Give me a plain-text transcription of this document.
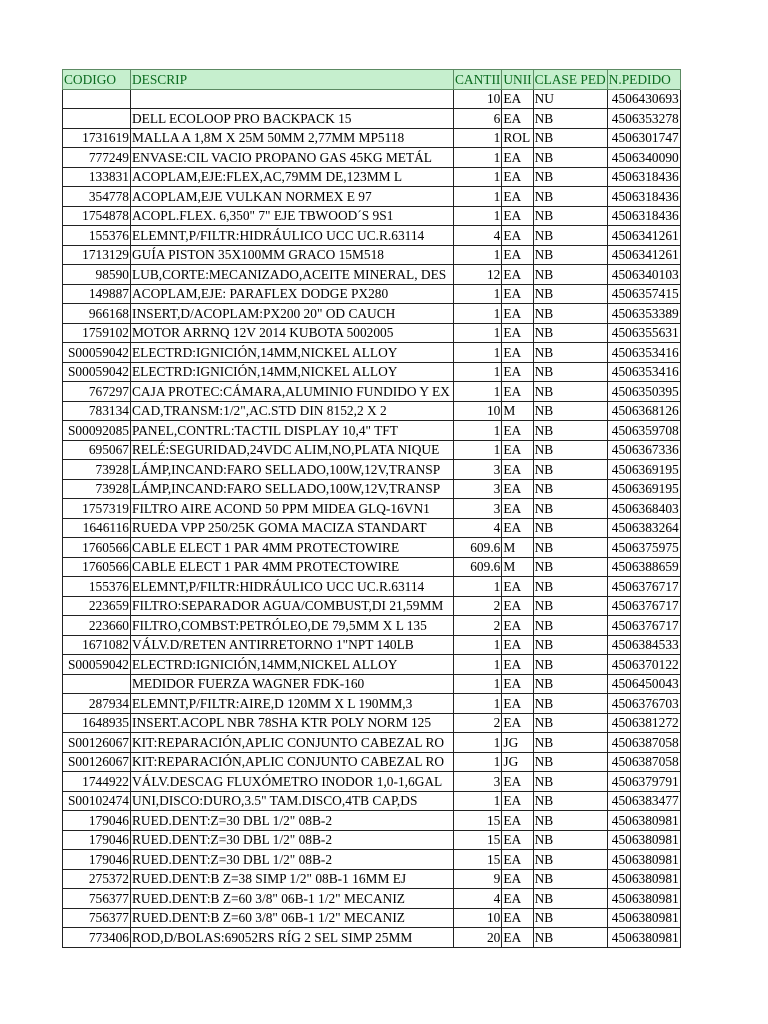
CODIGO	DESCRIP	CANTII	UNII	CLASE PED	N.PEDIDO
		10	EA	NU	4506430693
	DELL ECOLOOP PRO BACKPACK 15	6	EA	NB	4506353278
1731619	MALLA A 1,8M X 25M 50MM 2,77MM MP5118	1	ROL	NB	4506301747
777249	ENVASE:CIL VACIO PROPANO GAS 45KG METÁL	1	EA	NB	4506340090
133831	ACOPLAM,EJE:FLEX,AC,79MM DE,123MM L	1	EA	NB	4506318436
354778	ACOPLAM,EJE VULKAN NORMEX E 97	1	EA	NB	4506318436
1754878	ACOPL.FLEX. 6,350" 7" EJE TBWOOD´S 9S1	1	EA	NB	4506318436
155376	ELEMNT,P/FILTR:HIDRÁULICO UCC UC.R.63114	4	EA	NB	4506341261
1713129	GUÍA PISTON 35X100MM GRACO 15M518	1	EA	NB	4506341261
98590	LUB,CORTE:MECANIZADO,ACEITE MINERAL, DES	12	EA	NB	4506340103
149887	ACOPLAM,EJE: PARAFLEX DODGE PX280	1	EA	NB	4506357415
966168	INSERT,D/ACOPLAM:PX200 20" OD CAUCH	1	EA	NB	4506353389
1759102	MOTOR ARRNQ 12V 2014 KUBOTA 5002005	1	EA	NB	4506355631
S00059042	ELECTRD:IGNICIÓN,14MM,NICKEL ALLOY	1	EA	NB	4506353416
S00059042	ELECTRD:IGNICIÓN,14MM,NICKEL ALLOY	1	EA	NB	4506353416
767297	CAJA PROTEC:CÁMARA,ALUMINIO FUNDIDO Y EX	1	EA	NB	4506350395
783134	CAD,TRANSM:1/2",AC.STD DIN 8152,2 X 2	10	M	NB	4506368126
S00092085	PANEL,CONTRL:TACTIL DISPLAY 10,4" TFT	1	EA	NB	4506359708
695067	RELÉ:SEGURIDAD,24VDC ALIM,NO,PLATA NIQUE	1	EA	NB	4506367336
73928	LÁMP,INCAND:FARO SELLADO,100W,12V,TRANSP	3	EA	NB	4506369195
73928	LÁMP,INCAND:FARO SELLADO,100W,12V,TRANSP	3	EA	NB	4506369195
1757319	FILTRO AIRE ACOND 50 PPM MIDEA GLQ-16VN1	3	EA	NB	4506368403
1646116	RUEDA VPP 250/25K GOMA MACIZA STANDART	4	EA	NB	4506383264
1760566	CABLE ELECT 1 PAR 4MM PROTECTOWIRE	609.6	M	NB	4506375975
1760566	CABLE ELECT 1 PAR 4MM PROTECTOWIRE	609.6	M	NB	4506388659
155376	ELEMNT,P/FILTR:HIDRÁULICO UCC UC.R.63114	1	EA	NB	4506376717
223659	FILTRO:SEPARADOR AGUA/COMBUST,DI 21,59MM	2	EA	NB	4506376717
223660	FILTRO,COMBST:PETRÓLEO,DE 79,5MM X L 135	2	EA	NB	4506376717
1671082	VÁLV.D/RETEN ANTIRRETORNO 1"NPT 140LB	1	EA	NB	4506384533
S00059042	ELECTRD:IGNICIÓN,14MM,NICKEL ALLOY	1	EA	NB	4506370122
	MEDIDOR FUERZA WAGNER FDK-160	1	EA	NB	4506450043
287934	ELEMNT,P/FILTR:AIRE,D 120MM X L 190MM,3	1	EA	NB	4506376703
1648935	INSERT.ACOPL NBR 78SHA KTR POLY NORM 125	2	EA	NB	4506381272
S00126067	KIT:REPARACIÓN,APLIC CONJUNTO CABEZAL RO	1	JG	NB	4506387058
S00126067	KIT:REPARACIÓN,APLIC CONJUNTO CABEZAL RO	1	JG	NB	4506387058
1744922	VÁLV.DESCAG FLUXÓMETRO INODOR 1,0-1,6GAL	3	EA	NB	4506379791
S00102474	UNI,DISCO:DURO,3.5" TAM.DISCO,4TB CAP,DS	1	EA	NB	4506383477
179046	RUED.DENT:Z=30 DBL 1/2" 08B-2	15	EA	NB	4506380981
179046	RUED.DENT:Z=30 DBL 1/2" 08B-2	15	EA	NB	4506380981
179046	RUED.DENT:Z=30 DBL 1/2" 08B-2	15	EA	NB	4506380981
275372	RUED.DENT:B Z=38 SIMP 1/2" 08B-1 16MM EJ	9	EA	NB	4506380981
756377	RUED.DENT:B Z=60 3/8" 06B-1 1/2" MECANIZ	4	EA	NB	4506380981
756377	RUED.DENT:B Z=60 3/8" 06B-1 1/2" MECANIZ	10	EA	NB	4506380981
773406	ROD,D/BOLAS:69052RS RÍG 2 SEL SIMP 25MM	20	EA	NB	4506380981
